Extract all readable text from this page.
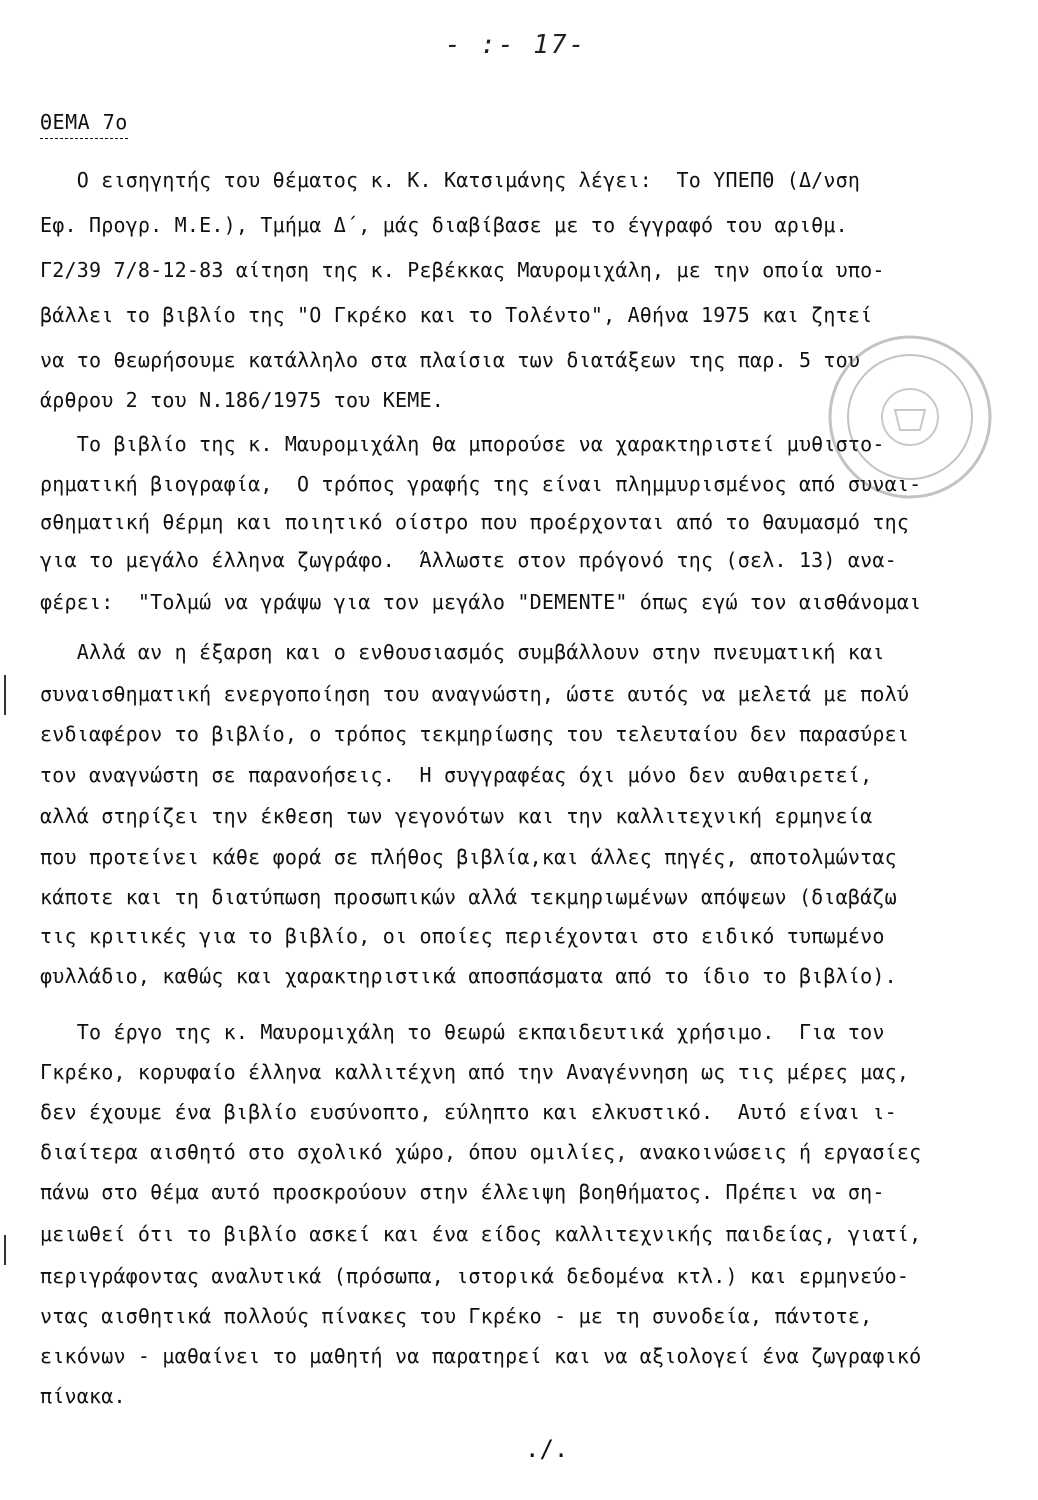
- :- 17-
ΘΕΜΑ 7ο
Ο εισηγητής του θέματος κ. Κ. Κατσιμάνης λέγει:  Το ΥΠΕΠΘ (Δ/νση
Εφ. Προγρ. Μ.Ε.), Τμήμα Δ΄, μάς διαβίβασε με το έγγραφό του αριθμ.
Γ2/39 7/8-12-83 αίτηση της κ. Ρεβέκκας Μαυρομιχάλη, με την οποία υπο-
βάλλει το βιβλίο της "Ο Γκρέκο και το Τολέντο", Αθήνα 1975 και ζητεί
να το θεωρήσουμε κατάλληλο στα πλαίσια των διατάξεων της παρ. 5 του
άρθρου 2 του Ν.186/1975 του ΚΕΜΕ.
Το βιβλίο της κ. Μαυρομιχάλη θα μπορούσε να χαρακτηριστεί μυθιστο-
ρηματική βιογραφία,  Ο τρόπος γραφής της είναι πλημμυρισμένος από συναι-
σθηματική θέρμη και ποιητικό οίστρο που προέρχονται από το θαυμασμό της
για το μεγάλο έλληνα ζωγράφο.  Άλλωστε στον πρόγονό της (σελ. 13) ανα-
φέρει:  "Τολμώ να γράψω για τον μεγάλο "DEMENTE" όπως εγώ τον αισθάνομαι
Αλλά αν η έξαρση και ο ενθουσιασμός συμβάλλουν στην πνευματική και
συναισθηματική ενεργοποίηση του αναγνώστη, ώστε αυτός να μελετά με πολύ
ενδιαφέρον το βιβλίο, ο τρόπος τεκμηρίωσης του τελευταίου δεν παρασύρει
τον αναγνώστη σε παρανοήσεις.  Η συγγραφέας όχι μόνο δεν αυθαιρετεί,
αλλά στηρίζει την έκθεση των γεγονότων και την καλλιτεχνική ερμηνεία
που προτείνει κάθε φορά σε πλήθος βιβλία,και άλλες πηγές, αποτολμώντας
κάποτε και τη διατύπωση προσωπικών αλλά τεκμηριωμένων απόψεων (διαβάζω
τις κριτικές για το βιβλίο, οι οποίες περιέχονται στο ειδικό τυπωμένο
φυλλάδιο, καθώς και χαρακτηριστικά αποσπάσματα από το ίδιο το βιβλίο).
Το έργο της κ. Μαυρομιχάλη το θεωρώ εκπαιδευτικά χρήσιμο.  Για τον
Γκρέκο, κορυφαίο έλληνα καλλιτέχνη από την Αναγέννηση ως τις μέρες μας,
δεν έχουμε ένα βιβλίο ευσύνοπτο, εύληπτο και ελκυστικό.  Αυτό είναι ι-
διαίτερα αισθητό στο σχολικό χώρο, όπου ομιλίες, ανακοινώσεις ή εργασίες
πάνω στο θέμα αυτό προσκρούουν στην έλλειψη βοηθήματος. Πρέπει να ση-
μειωθεί ότι το βιβλίο ασκεί και ένα είδος καλλιτεχνικής παιδείας, γιατί,
περιγράφοντας αναλυτικά (πρόσωπα, ιστορικά δεδομένα κτλ.) και ερμηνεύο-
ντας αισθητικά πολλούς πίνακες του Γκρέκο - με τη συνοδεία, πάντοτε,
εικόνων - μαθαίνει το μαθητή να παρατηρεί και να αξιολογεί ένα ζωγραφικό
πίνακα.
./.
